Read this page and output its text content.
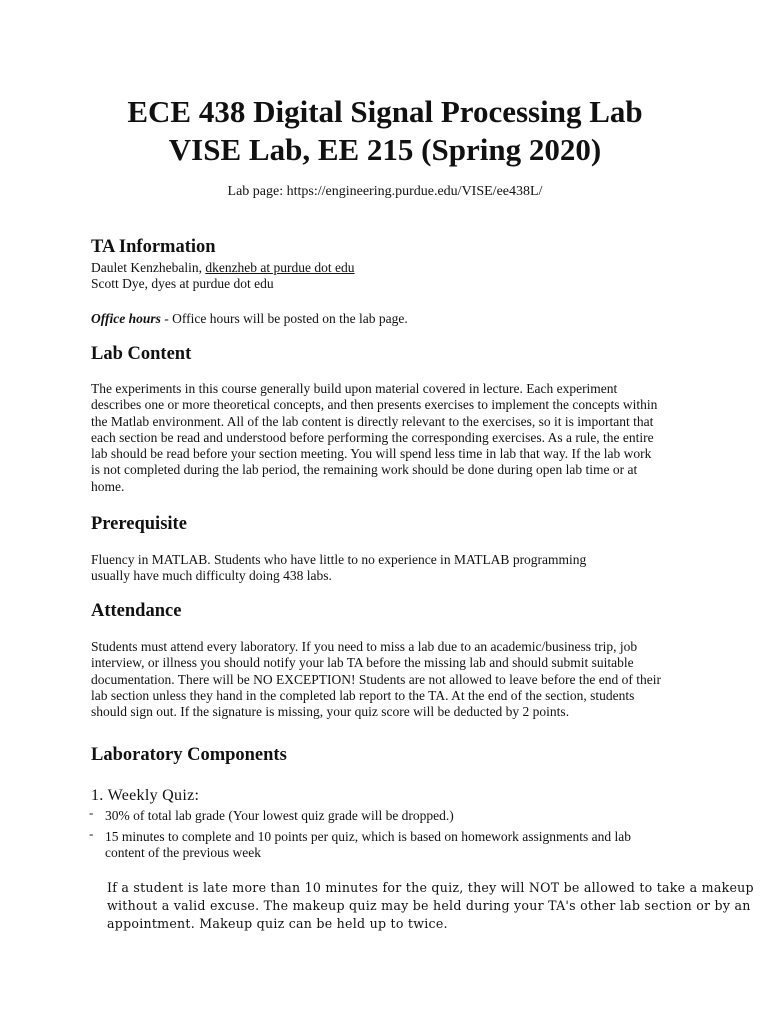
ECE 438 Digital Signal Processing Lab
VISE Lab, EE 215 (Spring 2020)
Lab page: https://engineering.purdue.edu/VISE/ee438L/
TA Information
Daulet Kenzhebalin, dkenzheb at purdue dot edu
Scott Dye, dyes at purdue dot edu
Office hours - Office hours will be posted on the lab page.
Lab Content
The experiments in this course generally build upon material covered in lecture. Each experiment
describes one or more theoretical concepts, and then presents exercises to implement the concepts within
the Matlab environment. All of the lab content is directly relevant to the exercises, so it is important that
each section be read and understood before performing the corresponding exercises. As a rule, the entire
lab should be read before your section meeting. You will spend less time in lab that way. If the lab work
is not completed during the lab period, the remaining work should be done during open lab time or at
home.
Prerequisite
Fluency in MATLAB. Students who have little to no experience in MATLAB programming
usually have much difficulty doing 438 labs.
Attendance
Students must attend every laboratory. If you need to miss a lab due to an academic/business trip, job
interview, or illness you should notify your lab TA before the missing lab and should submit suitable
documentation. There will be NO EXCEPTION! Students are not allowed to leave before the end of their
lab section unless they hand in the completed lab report to the TA. At the end of the section, students
should sign out. If the signature is missing, your quiz score will be deducted by 2 points.
Laboratory Components
1. Weekly Quiz:
- 30% of total lab grade (Your lowest quiz grade will be dropped.)
- 15 minutes to complete and 10 points per quiz, which is based on homework assignments and lab
content of the previous week
If a student is late more than 10 minutes for the quiz, they will NOT be allowed to take a makeup
without a valid excuse. The makeup quiz may be held during your TA's other lab section or by an
appointment. Makeup quiz can be held up to twice.
